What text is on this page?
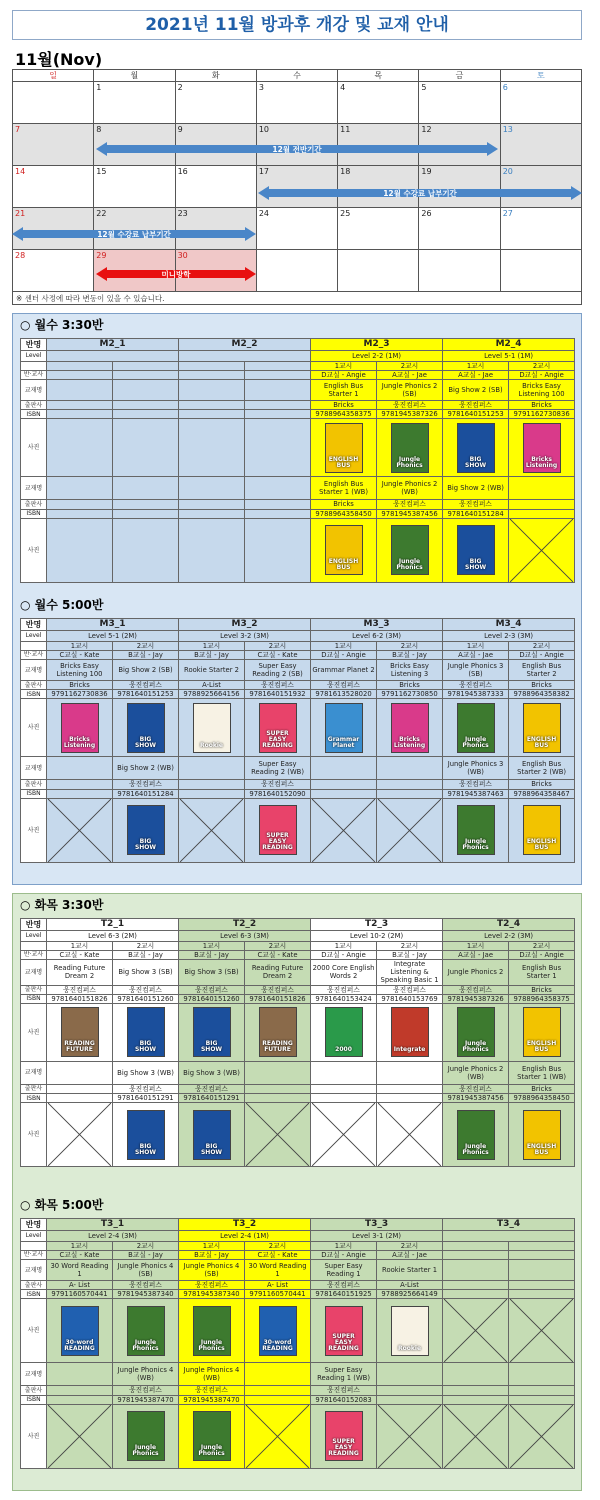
2021년 11월 방과후 개강 및 교재 안내
11월(Nov)
일	월	화	수	목	금	토
	1	2	3	4	5	6
7	8	9	10	11	12	13
14	15	16	17	18	19	20
21	22	23	24	25	26	27
28	29	30				
12월 전반기간
12월 수강료 납부기간
12월 수강료 납부기간
미니방학
※ 센터 사정에 따라 변동이 있을 수 있습니다.
○ 월수 3:30반
반명	M2_1		M2_2		M2_3		M2_4	
Level					Level 2-2 (1M)		Level 5-1 (1M)	
					1교시	2교시	1교시	2교시
반·교사					D교실 - Angie	A교실 - Jae	A교실 - Jae	D교실 - Angie
교재명					English Bus Starter 1	Jungle Phonics 2 (SB)	Big Show 2 (SB)	Bricks Easy Listening 100
출판사					Bricks	웅진컴퍼스	웅진컴퍼스	Bricks
ISBN					9788964358375	9781945387326	9781640151253	9791162730836
사진					ENGLISH BUS	Jungle Phonics	BIG SHOW	Bricks Listening

교재명					English Bus Starter 1 (WB)	Jungle Phonics 2 (WB)	Big Show 2 (WB)	
출판사					Bricks	웅진컴퍼스	웅진컴퍼스	
ISBN					9788964358450	9781945387456	9781640151284	
사진					ENGLISH BUS	Jungle Phonics	BIG SHOW

○ 월수 5:00반
반명	M3_1		M3_2		M3_3		M3_4	
Level	Level 5-1 (2M)		Level 3-2 (3M)		Level 6-2 (3M)		Level 2-3 (3M)	
	1교시	2교시	1교시	2교시	1교시	2교시	1교시	2교시
반·교사	C교실 - Kate	B교실 - Jay	B교실 - Jay	C교실 - Kate	D교실 - Angie	B교실 - Jay	A교실 - Jae	D교실 - Angie
교재명	Bricks Easy Listening 100	Big Show 2 (SB)	Rookie Starter 2	Super Easy Reading 2 (SB)	Grammar Planet 2	Bricks Easy Listening 3	Jungle Phonics 3 (SB)	English Bus Starter 2
출판사	Bricks	웅진컴퍼스	A-List	웅진컴퍼스	웅진컴퍼스	Bricks	웅진컴퍼스	Bricks
ISBN	9791162730836	9781640151253	9788925664156	9781640151932	9781613528020	9791162730850	9781945387333	9788964358382
사진	Bricks Listening	BIG SHOW	Rookie	SUPER EASY READING	Grammar Planet	Bricks Listening	Jungle Phonics	ENGLISH BUS

교재명		Big Show 2 (WB)		Super Easy Reading 2 (WB)			Jungle Phonics 3 (WB)	English Bus Starter 2 (WB)
출판사		웅진컴퍼스		웅진컴퍼스			웅진컴퍼스	Bricks
ISBN		9781640151284		9781640152090			9781945387463	9788964358467
사진		BIG SHOW		SUPER EASY READING			Jungle Phonics	ENGLISH BUS
○ 화목 3:30반
반명	T2_1		T2_2		T2_3		T2_4	
Level	Level 6-3 (2M)		Level 6-3 (3M)		Level 10-2 (2M)		Level 2-2 (3M)	
	1교시	2교시	1교시	2교시	1교시	2교시	1교시	2교시
반·교사	C교실 - Kate	B교실 - Jay	B교실 - Jay	C교실 - Kate	D교실 - Angie	B교실 - Jay	A교실 - Jae	D교실 - Angie
교재명	Reading Future Dream 2	Big Show 3 (SB)	Big Show 3 (SB)	Reading Future Dream 2	2000 Core English Words 2	Integrate Listening & Speaking Basic 1	Jungle Phonics 2	English Bus Starter 1
출판사	웅진컴퍼스	웅진컴퍼스	웅진컴퍼스	웅진컴퍼스	웅진컴퍼스	웅진컴퍼스	웅진컴퍼스	Bricks
ISBN	9781640151826	9781640151260	9781640151260	9781640151826	9781640153424	9781640153769	9781945387326	9788964358375
사진	READING FUTURE	BIG SHOW	BIG SHOW	READING FUTURE	2000	Integrate	Jungle Phonics	ENGLISH BUS

교재명		Big Show 3 (WB)	Big Show 3 (WB)				Jungle Phonics 2 (WB)	English Bus Starter 1 (WB)
출판사		웅진컴퍼스	웅진컴퍼스				웅진컴퍼스	Bricks
ISBN		9781640151291	9781640151291				9781945387456	9788964358450
사진		BIG SHOW	BIG SHOW				Jungle Phonics	ENGLISH BUS
○ 화목 5:00반
반명	T3_1		T3_2		T3_3		T3_4	
Level	Level 2-4 (3M)		Level 2-4 (1M)		Level 3-1 (2M)			
	1교시	2교시	1교시	2교시	1교시	2교시		
반·교사	C교실 - Kate	B교실 - Jay	B교실 - Jay	C교실 - Kate	D교실 - Angie	A교실 - Jae		
교재명	30 Word Reading 1	Jungle Phonics 4 (SB)	Jungle Phonics 4 (SB)	30 Word Reading 1	Super Easy Reading 1	Rookie Starter 1		
출판사	A- List	웅진컴퍼스	웅진컴퍼스	A- List	웅진컴퍼스	A-List		
ISBN	9791160570441	9781945387340	9781945387340	9791160570441	9781640151925	9788925664149		
사진	30-word READING	Jungle Phonics	Jungle Phonics	30-word READING	SUPER EASY READING	Rookie

교재명		Jungle Phonics 4 (WB)	Jungle Phonics 4 (WB)		Super Easy Reading 1 (WB)			
출판사		웅진컴퍼스	웅진컴퍼스		웅진컴퍼스			
ISBN		9781945387470	9781945387470		9781640152083			
사진		Jungle Phonics	Jungle Phonics		SUPER EASY READING
